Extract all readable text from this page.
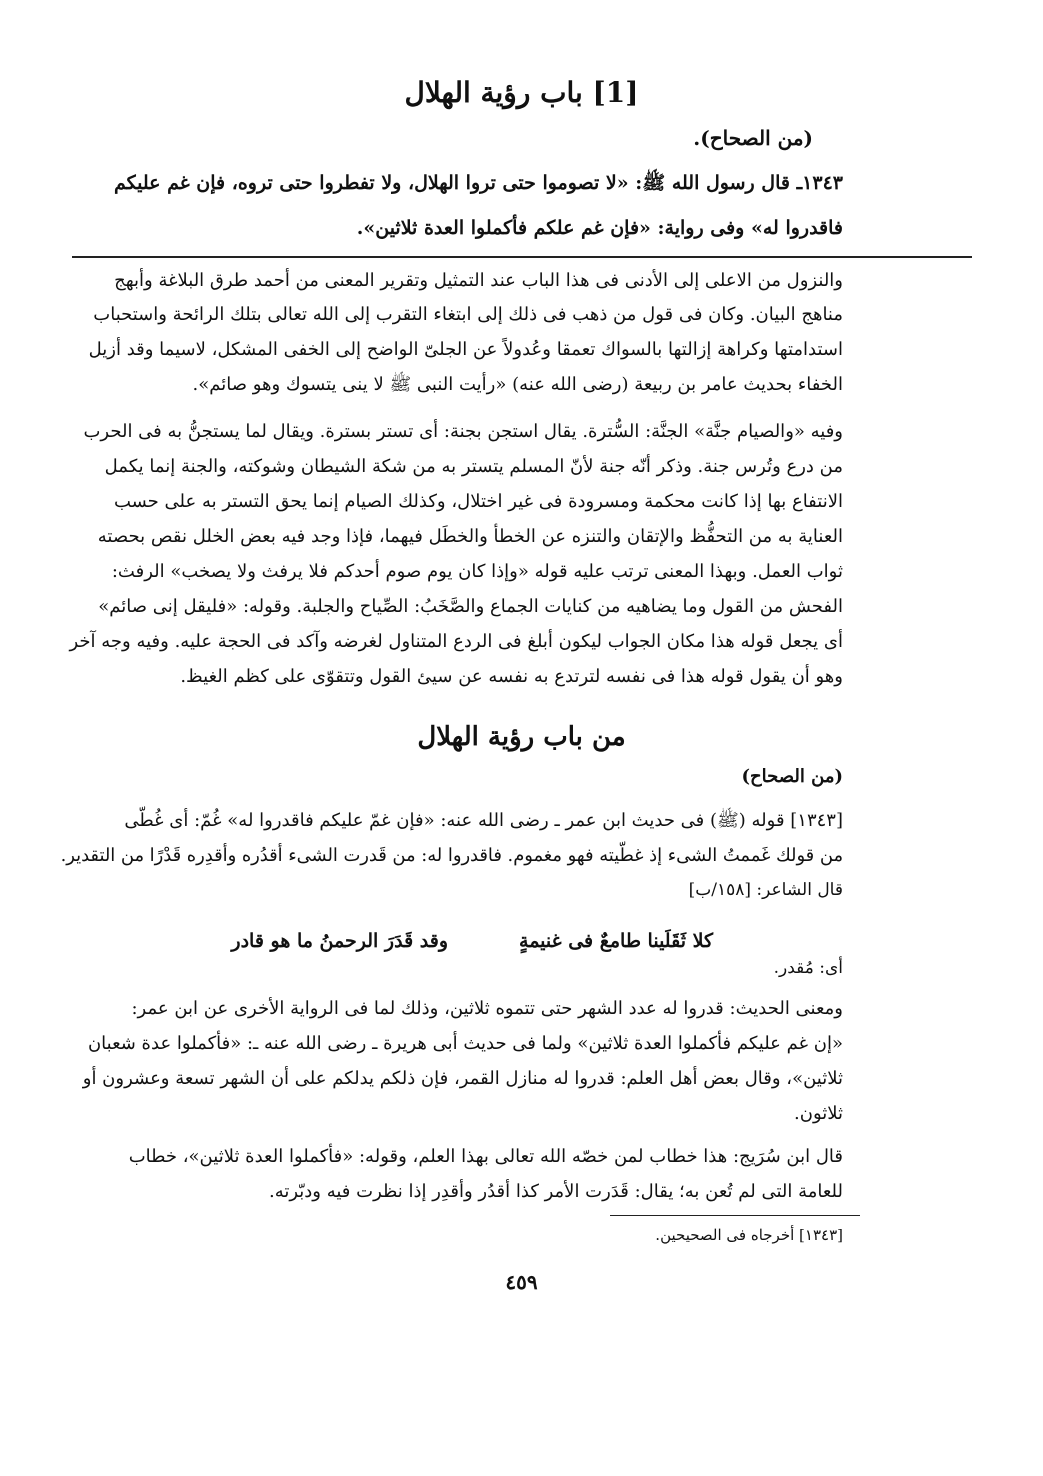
[1] باب رؤية الهلال
(من الصحاح).
١٣٤٣ـ قال رسول الله ﷺ: «لا تصوموا حتى تروا الهلال، ولا تفطروا حتى تروه، فإن غم عليكم
فاقدروا له» وفى رواية: «فإن غم علكم فأكملوا العدة ثلاثين».
والنزول من الاعلى إلى الأدنى فى هذا الباب عند التمثيل وتقرير المعنى من أحمد طرق البلاغة وأبهج
مناهج البيان. وكان فى قول من ذهب فى ذلك إلى ابتغاء التقرب إلى الله تعالى بتلك الرائحة واستحباب
استدامتها وكراهة إزالتها بالسواك تعمقا وعُدولاً عن الجلىّ الواضح إلى الخفى المشكل، لاسيما وقد أزيل
الخفاء بحديث عامر بن ربيعة (رضى الله عنه) «رأيت النبى ﷺ لا ينى يتسوك وهو صائم».
وفيه «والصيام جنَّة» الجنَّة: السُّترة. يقال استجن بجنة: أى تستر بسترة. ويقال لما يستجنُّ به فى الحرب
من درع وتُرس جنة. وذكر أنّه جنة لأنّ المسلم يتستر به من شكة الشيطان وشوكته، والجنة إنما يكمل
الانتفاع بها إذا كانت محكمة ومسرودة فى غير اختلال، وكذلك الصيام إنما يحق التستر به على حسب
العناية به من التحفُّظ والإتقان والتنزه عن الخطأ والخطَل فيهما، فإذا وجد فيه بعض الخلل نقص بحصته
ثواب العمل. وبهذا المعنى ترتب عليه قوله «وإذا كان يوم صوم أحدكم فلا يرفث ولا يصخب» الرفث:
الفحش من القول وما يضاهيه من كنايات الجماع والصَّخَبُ: الصِّياح والجلبة. وقوله: «فليقل إنى صائم»
أى يجعل قوله هذا مكان الجواب ليكون أبلغ فى الردع المتناول لغرضه وآكد فى الحجة عليه. وفيه وجه آخر
وهو أن يقول قوله هذا فى نفسه لترتدع به نفسه عن سيئ القول وتتقوّى على كظم الغيظ.
من باب رؤية الهلال
(من الصحاح)
[١٣٤٣] قوله (ﷺ) فى حديث ابن عمر ـ رضى الله عنه: «فإن غمّ عليكم فاقدروا له» غُمّ: أى غُطّى
من قولك غَممتُ الشىء إذ غطّيته فهو مغموم. فاقدروا له: من قَدرت الشىء أقدُره وأقدِره قَدْرًا من التقدير.
قال الشاعر: [١٥٨/ب]
كلا ثَقَلَينا طامعٌ فى غنيمةٍ
وقد قَدَرَ الرحمنُ ما هو قادر
أى: مُقدر.
ومعنى الحديث: قدروا له عدد الشهر حتى تتموه ثلاثين، وذلك لما فى الرواية الأخرى عن ابن عمر:
«إن غم عليكم فأكملوا العدة ثلاثين» ولما فى حديث أبى هريرة ـ رضى الله عنه ـ: «فأكملوا عدة شعبان
ثلاثين»، وقال بعض أهل العلم: قدروا له منازل القمر، فإن ذلكم يدلكم على أن الشهر تسعة وعشرون أو
ثلاثون.
قال ابن سُرَيج: هذا خطاب لمن خصّه الله تعالى بهذا العلم، وقوله: «فأكملوا العدة ثلاثين»، خطاب
للعامة التى لم تُعن به؛ يقال: قَدَرت الأمر كذا أقدُر وأقدِر إذا نظرت فيه ودبّرته.
[١٣٤٣] أخرجاه فى الصحيحين.
٤٥٩
